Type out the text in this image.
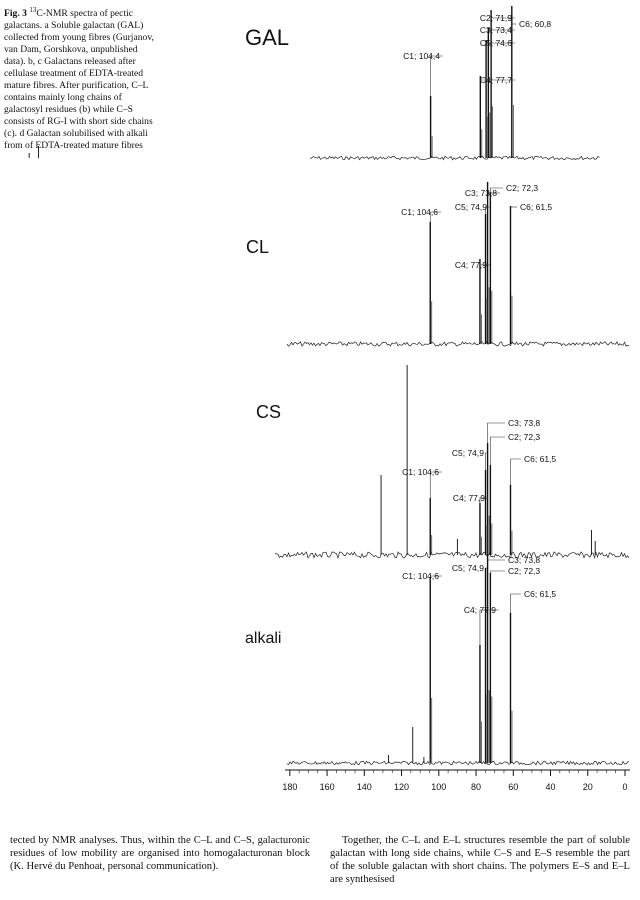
GAL
C1; 104,4
C2; 71,9
C3; 73,4
C4; 77,7
C5; 74,6
C6; 60,8
CL
C1; 104,6
C2; 72,3
C3; 73,8
C4; 77,9
C5; 74,9	C6; 61,5
CS
C1; 104,6
C2; 72,3
C3; 73,8
C4; 77,9
C5; 74,9
C6; 61,5
alkali
C1; 104,6	C2; 72,3
C3; 73,8
C4; 77,9
C5; 74,9
C6; 61,5
180 160 140 120 100	80	60	40	20	0
Fig. 3 $^{13}$C-NMR spectra of pectic galactans. a Soluble galactan (GAL) collected from young fibres (Gurjanov, van Dam, Gorshkova, unpublished data). b, c Galactans released after cellulase treatment of EDTA-treated mature fibres. After purification, C–L contains mainly long chains of galactosyl residues (b) while C–S consists of RG-I with short side chains (c). d Galactan solubilised with alkali from of EDTA-treated mature fibres

tected by NMR analyses. Thus, within the C–L and C–S, galacturonic residues of low mobility are organised into homogalacturonan block (K. Hervé du Penhoat, personal communication).

Together, the C–L and E–L structures resemble the part of soluble galactan with long side chains, while C–S and E–S resemble the part of the soluble galactan with short chains. The polymers E–S and E–L are synthesised
